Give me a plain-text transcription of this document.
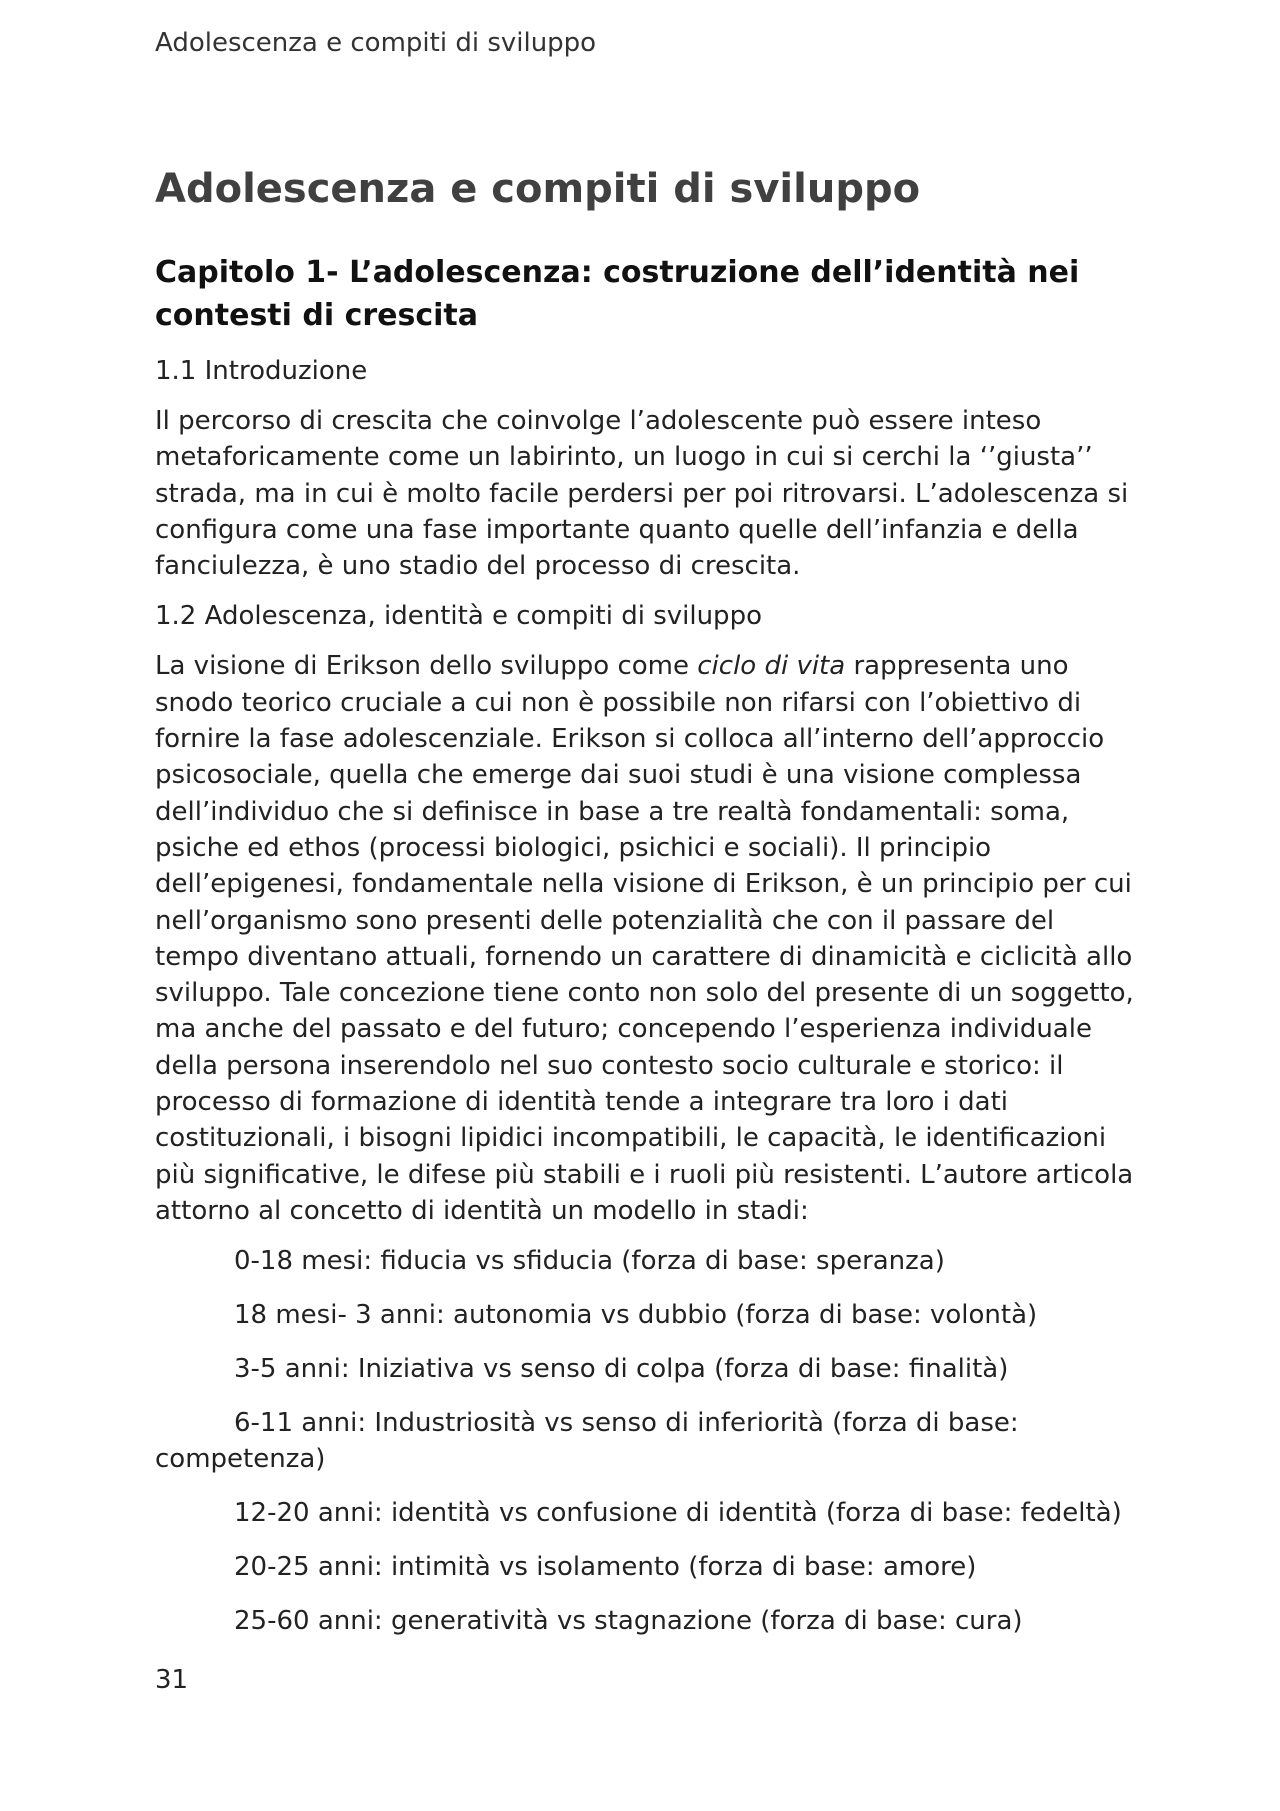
Adolescenza e compiti di sviluppo

Adolescenza e compiti di sviluppo
Capitolo 1- L’adolescenza: costruzione dell’identità nei contesti di crescita
1.1 Introduzione

Il percorso di crescita che coinvolge l’adolescente può essere inteso metaforicamente come un labirinto, un luogo in cui si cerchi la ‘’giusta’’ strada, ma in cui è molto facile perdersi per poi ritrovarsi. L’adolescenza si configura come una fase importante quanto quelle dell’infanzia e della fanciulezza, è uno stadio del processo di crescita.

1.2 Adolescenza, identità e compiti di sviluppo

La visione di Erikson dello sviluppo come ciclo di vita rappresenta uno snodo teorico cruciale a cui non è possibile non rifarsi con l’obiettivo di fornire la fase adolescenziale. Erikson si colloca all’interno dell’approccio psicosociale, quella che emerge dai suoi studi è una visione complessa dell’individuo che si definisce in base a tre realtà fondamentali: soma, psiche ed ethos (processi biologici, psichici e sociali). Il principio dell’epigenesi, fondamentale nella visione di Erikson, è un principio per cui nell’organismo sono presenti delle potenzialità che con il passare del tempo diventano attuali, fornendo un carattere di dinamicità e ciclicità allo sviluppo. Tale concezione tiene conto non solo del presente di un soggetto, ma anche del passato e del futuro; concependo l’esperienza individuale della persona inserendolo nel suo contesto socio culturale e storico: il processo di formazione di identità tende a integrare tra loro i dati costituzionali, i bisogni lipidici incompatibili, le capacità, le identificazioni più significative, le difese più stabili e i ruoli più resistenti. L’autore articola attorno al concetto di identità un modello in stadi:

0-18 mesi: fiducia vs sfiducia (forza di base: speranza)
18 mesi- 3 anni: autonomia vs dubbio (forza di base: volontà)
3-5 anni: Iniziativa vs senso di colpa (forza di base: finalità)
6-11 anni: Industriosità vs senso di inferiorità (forza di base: competenza)
12-20 anni: identità vs confusione di identità (forza di base: fedeltà)
20-25 anni: intimità vs isolamento (forza di base: amore)
25-60 anni: generatività vs stagnazione (forza di base: cura)

31
